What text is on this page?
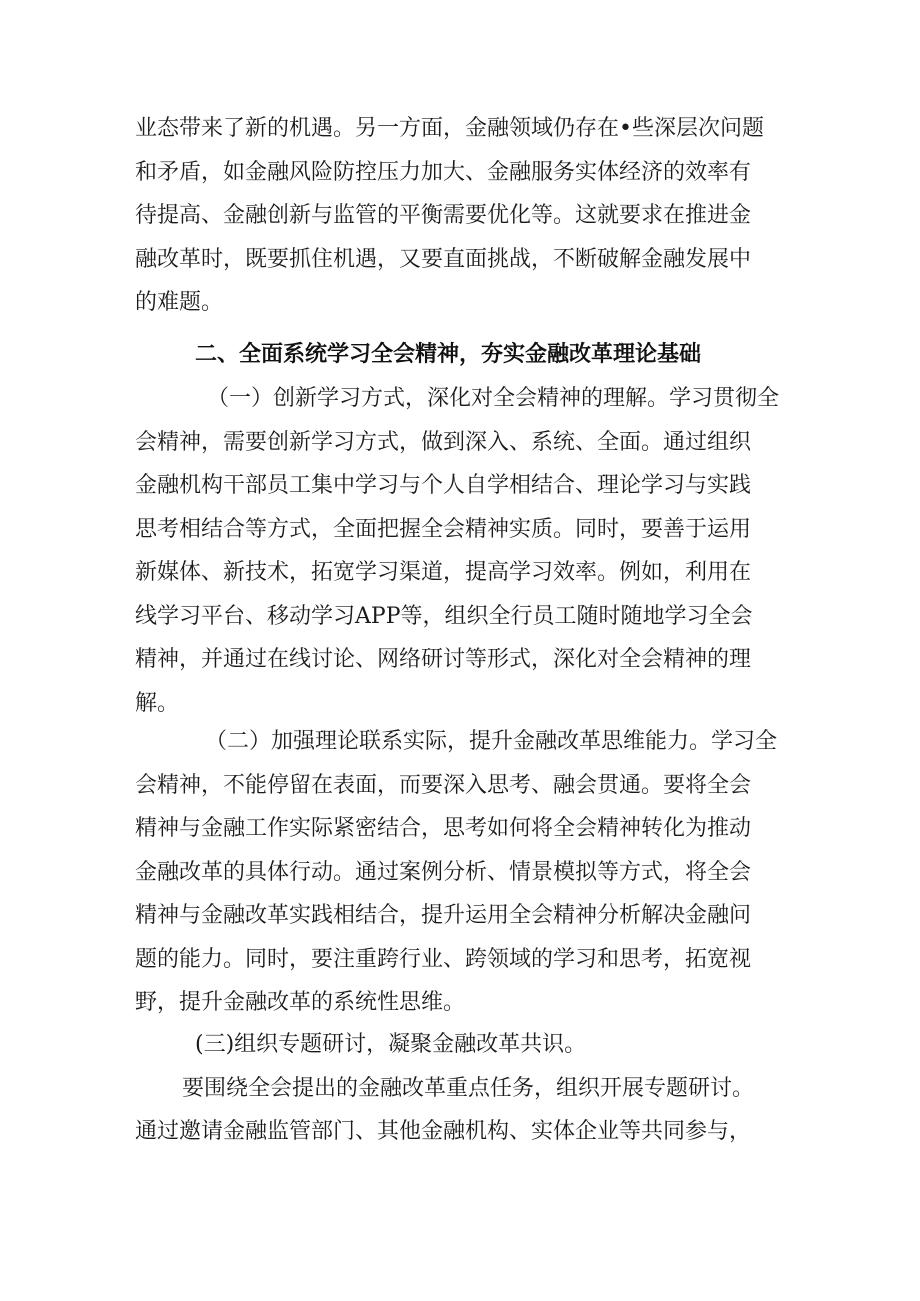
业态带来了新的机遇。另一方面，金融领域仍存在•些深层次问题
和矛盾，如金融风险防控压力加大、金融服务实体经济的效率有
待提高、金融创新与监管的平衡需要优化等。这就要求在推进金
融改革时，既要抓住机遇，又要直面挑战，不断破解金融发展中
的难题。
二、全面系统学习全会精神，夯实金融改革理论基础
（一）创新学习方式，深化对全会精神的理解。学习贯彻全
会精神，需要创新学习方式，做到深入、系统、全面。通过组织
金融机构干部员工集中学习与个人自学相结合、理论学习与实践
思考相结合等方式，全面把握全会精神实质。同时，要善于运用
新媒体、新技术，拓宽学习渠道，提高学习效率。例如，利用在
线学习平台、移动学习APP等，组织全行员工随时随地学习全会
精神，并通过在线讨论、网络研讨等形式，深化对全会精神的理
解。
（二）加强理论联系实际，提升金融改革思维能力。学习全
会精神，不能停留在表面，而要深入思考、融会贯通。要将全会
精神与金融工作实际紧密结合，思考如何将全会精神转化为推动
金融改革的具体行动。通过案例分析、情景模拟等方式，将全会
精神与金融改革实践相结合，提升运用全会精神分析解决金融问
题的能力。同时，要注重跨行业、跨领域的学习和思考，拓宽视
野，提升金融改革的系统性思维。
(三)组织专题研讨，凝聚金融改革共识。
要围绕全会提出的金融改革重点任务，组织开展专题研讨。
通过邀请金融监管部门、其他金融机构、实体企业等共同参与，
